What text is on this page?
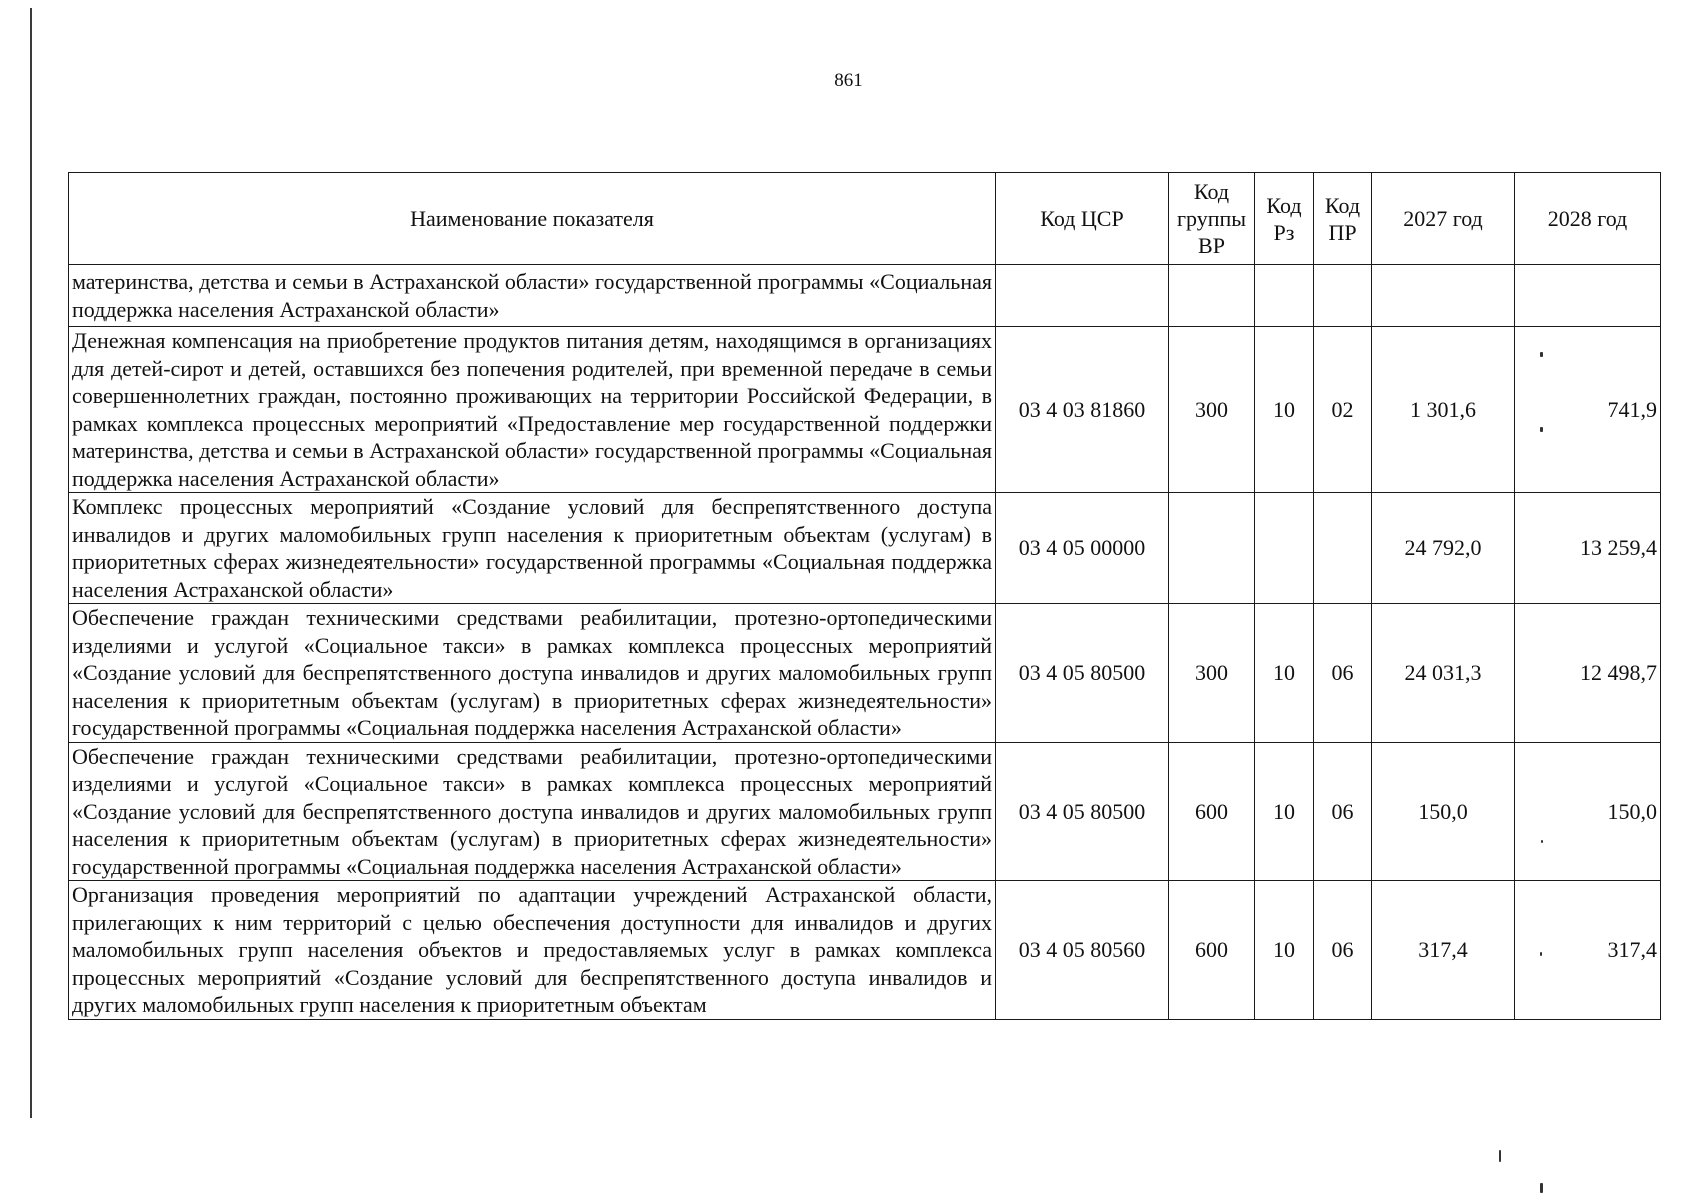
861
Наименование показателя	Код ЦСР	Код группы ВР	Код Рз	Код ПР	2027 год	2028 год
материнства, детства и семьи в Астраханской области» государственной программы «Социальная поддержка населения Астраханской области»						
Денежная компенсация на приобретение продуктов питания детям, находящимся в организациях для детей-сирот и детей, оставшихся без попечения родителей, при временной передаче в семьи совершеннолетних граждан, постоянно проживающих на территории Российской Федерации, в рамках комплекса процессных мероприятий «Предоставление мер государственной поддержки материнства, детства и семьи в Астраханской области» государственной программы «Социальная поддержка населения Астраханской области»	03 4 03 81860	300	10	02	1 301,6	741,9
Комплекс процессных мероприятий «Создание условий для беспрепятственного доступа инвалидов и других маломобильных групп населения к приоритетным объектам (услугам) в приоритетных сферах жизнедеятельности» государственной программы «Социальная поддержка населения Астраханской области»	03 4 05 00000				24 792,0	13 259,4
Обеспечение граждан техническими средствами реабилитации, протезно-ортопедическими изделиями и услугой «Социальное такси» в рамках комплекса процессных мероприятий «Создание условий для беспрепятственного доступа инвалидов и других маломобильных групп населения к приоритетным объектам (услугам) в приоритетных сферах жизнедеятельности» государственной программы «Социальная поддержка населения Астраханской области»	03 4 05 80500	300	10	06	24 031,3	12 498,7
Обеспечение граждан техническими средствами реабилитации, протезно-ортопедическими изделиями и услугой «Социальное такси» в рамках комплекса процессных мероприятий «Создание условий для беспрепятственного доступа инвалидов и других маломобильных групп населения к приоритетным объектам (услугам) в приоритетных сферах жизнедеятельности» государственной программы «Социальная поддержка населения Астраханской области»	03 4 05 80500	600	10	06	150,0	150,0
Организация проведения мероприятий по адаптации учреждений Астраханской области, прилегающих к ним территорий с целью обеспечения доступности для инвалидов и других маломобильных групп населения объектов и предоставляемых услуг в рамках комплекса процессных мероприятий «Создание условий для беспрепятственного доступа инвалидов и других маломобильных групп населения к приоритетным объектам	03 4 05 80560	600	10	06	317,4	317,4
